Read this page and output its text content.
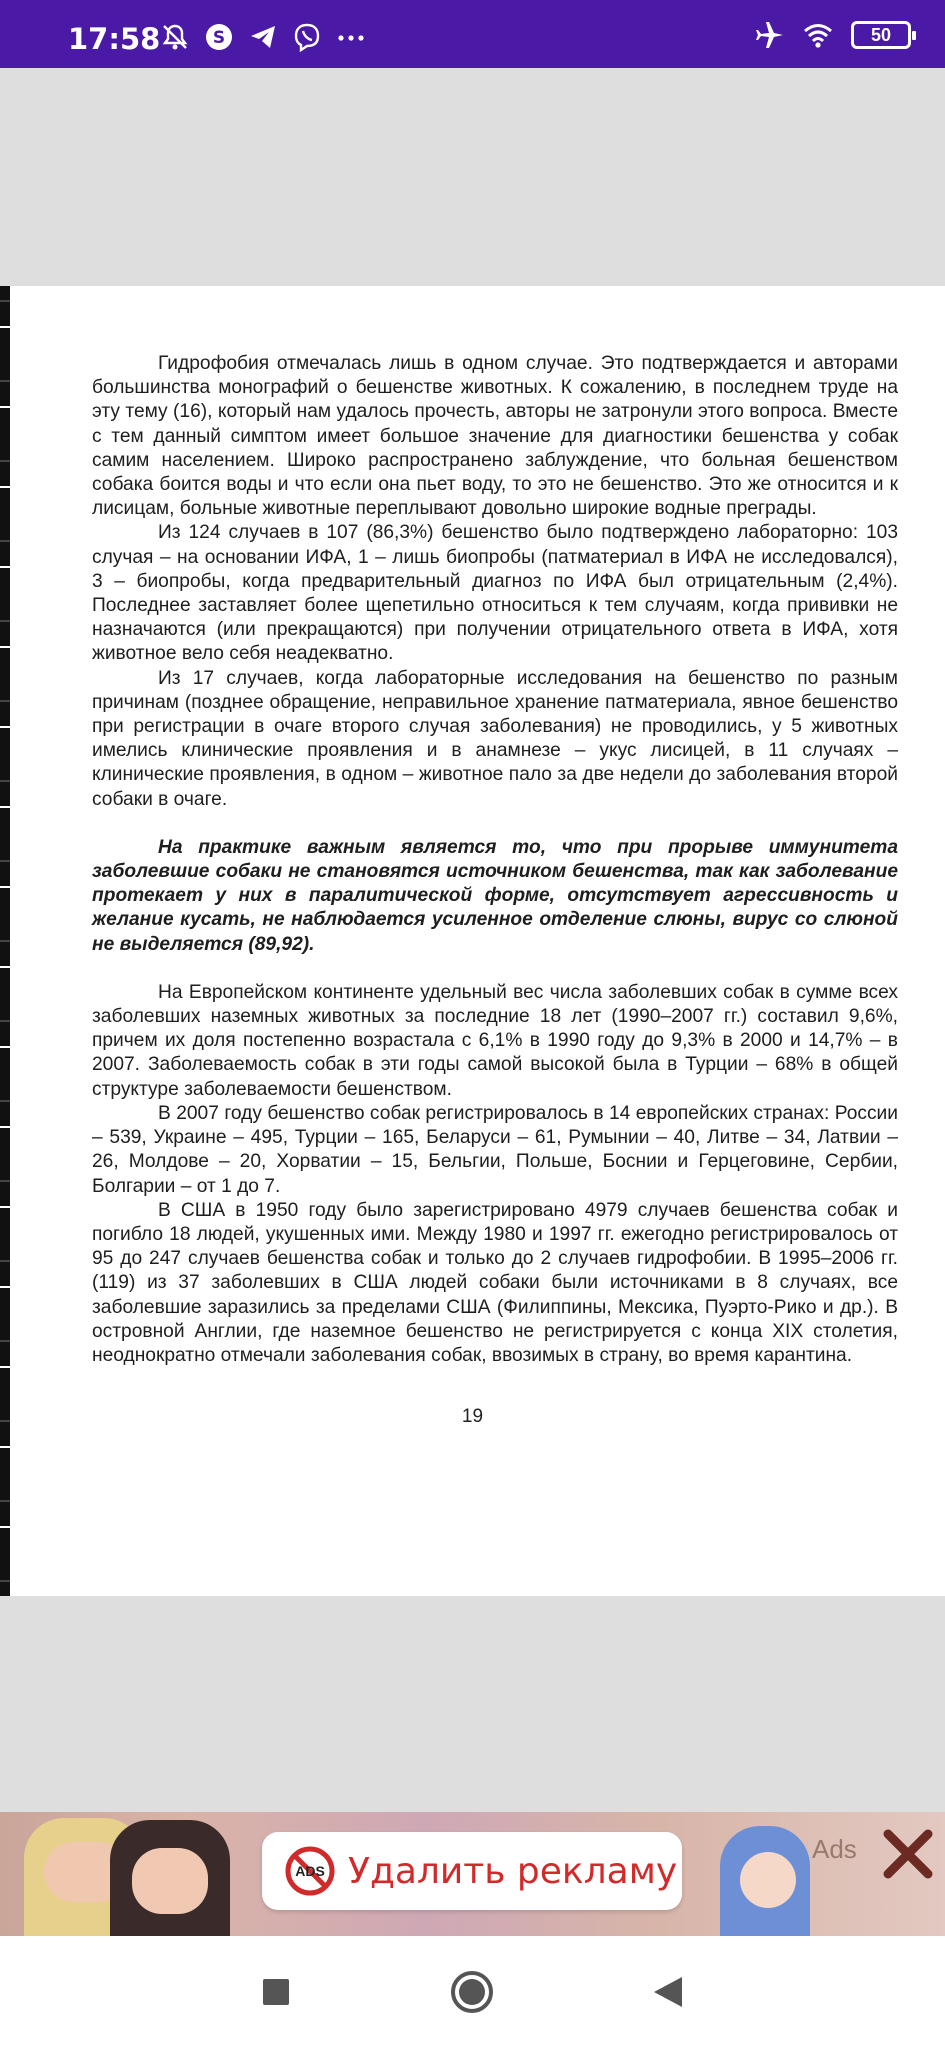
17:58	S	50

Гидрофобия отмечалась лишь в одном случае. Это подтверждается и авторами большинства монографий о бешенстве животных. К сожалению, в последнем труде на эту тему (16), который нам удалось прочесть, авторы не затронули этого вопроса. Вместе с тем данный симптом имеет большое значение для диагностики бешенства у собак самим населением. Широко распространено заблуждение, что больная бешенством собака боится воды и что если она пьет воду, то это не бешенство. Это же относится и к лисицам, больные животные переплывают довольно широкие водные преграды.

Из 124 случаев в 107 (86,3%) бешенство было подтверждено лабораторно: 103 случая – на основании ИФА, 1 – лишь биопробы (патматериал в ИФА не исследовался), 3 – биопробы, когда предварительный диагноз по ИФА был отрицательным (2,4%). Последнее заставляет более щепетильно относиться к тем случаям, когда прививки не назначаются (или прекращаются) при получении отрицательного ответа в ИФА, хотя животное вело себя неадекватно.

Из 17 случаев, когда лабораторные исследования на бешенство по разным причинам (позднее обращение, неправильное хранение патматериала, явное бешенство при регистрации в очаге второго случая заболевания) не проводились, у 5 животных имелись клинические проявления и в анамнезе – укус лисицей, в 11 случаях – клинические проявления, в одном – животное пало за две недели до заболевания второй собаки в очаге.

На практике важным является то, что при прорыве иммунитета заболевшие собаки не становятся источником бешенства, так как заболевание протекает у них в паралитической форме, отсутствует агрессивность и желание кусать, не наблюдается усиленное отделение слюны, вирус со слюной не выделяется (89,92).

На Европейском континенте удельный вес числа заболевших собак в сумме всех заболевших наземных животных за последние 18 лет (1990–2007 гг.) составил 9,6%, причем их доля постепенно возрастала с 6,1% в 1990 году до 9,3% в 2000 и 14,7% – в 2007. Заболеваемость собак в эти годы самой высокой была в Турции – 68% в общей структуре заболеваемости бешенством.

В 2007 году бешенство собак регистрировалось в 14 европейских странах: России – 539, Украине – 495, Турции – 165, Беларуси – 61, Румынии – 40, Литве – 34, Латвии – 26, Молдове – 20, Хорватии – 15, Бельгии, Польше, Боснии и Герцеговине, Сербии, Болгарии – от 1 до 7.

В США в 1950 году было зарегистрировано 4979 случаев бешенства собак и погибло 18 людей, укушенных ими. Между 1980 и 1997 гг. ежегодно регистрировалось от 95 до 247 случаев бешенства собак и только до 2 случаев гидрофобии. В 1995–2006 гг. (119) из 37 заболевших в США людей собаки были источниками в 8 случаях, все заболевшие заразились за пределами США (Филиппины, Мексика, Пуэрто-Рико и др.). В островной Англии, где наземное бешенство не регистрируется с конца XIX столетия, неоднократно отмечали заболевания собак, ввозимых в страну, во время карантина.

19
Ads
ADS Удалить рекламу
